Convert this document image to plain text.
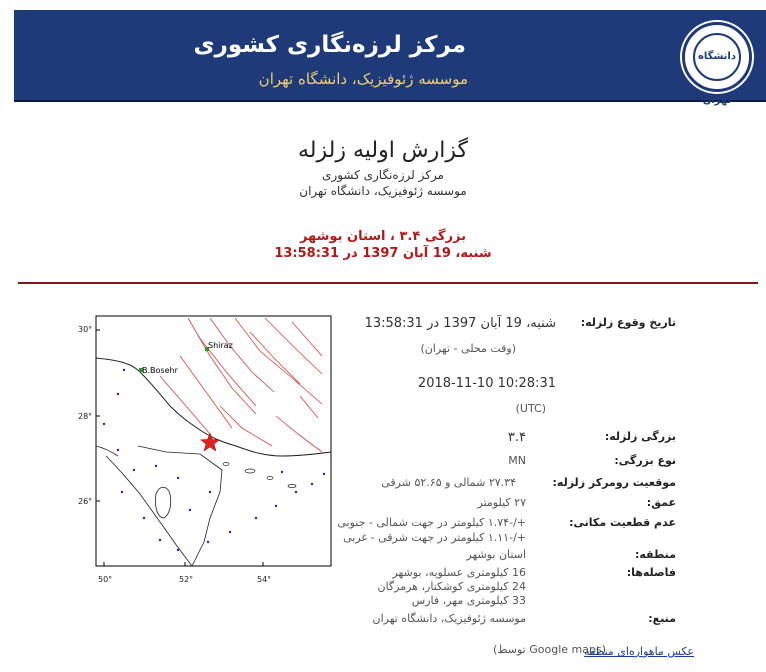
مرکز لرزه‌نگاری کشوری
موسسه ژئوفیزیک، دانشگاه تهران
دانشگاه تهران
گزارش اولیه زلزله
مرکز لرزه‌نگاری کشوری
موسسه ژئوفیزیک، دانشگاه تهران
بزرگی ۳.۴ ، استان بوشهر
شنبه، 19 آبان 1397 در 13:58:31
30°
28°
26°
50°	52°	54°
Shiraz
B.Bosehr
تاریخ وقوع زلزله:
شنبه، 19 آبان 1397 در 13:58:31
(وقت محلی - تهران)
2018-11-10 10:28:31
(UTC)
بزرگی زلزله:
۳.۴
نوع بزرگی:
MN
موقعیت رومرکز زلزله:
۲۷.۳۴ شمالی و ۵۲.۶۵ شرقی
عمق:
۲۷ کیلومتر
عدم قطعیت مکانی:
+/-۱.۷۴ کیلومتر در جهت شمالی - جنوبی
+/-۱.۱۱ کیلومتر در جهت شرقی - غربی
منطقه:
استان بوشهر
فاصله‌ها:
16 کیلومتری عسلویه، بوشهر
24 کیلومتری کوشکنار، هرمزگان
33 کیلومتری مهر، فارس
منبع:
موسسه ژئوفیزیک، دانشگاه تهران
(توسط Google maps)
عکس ماهواره‌ای منطقه
